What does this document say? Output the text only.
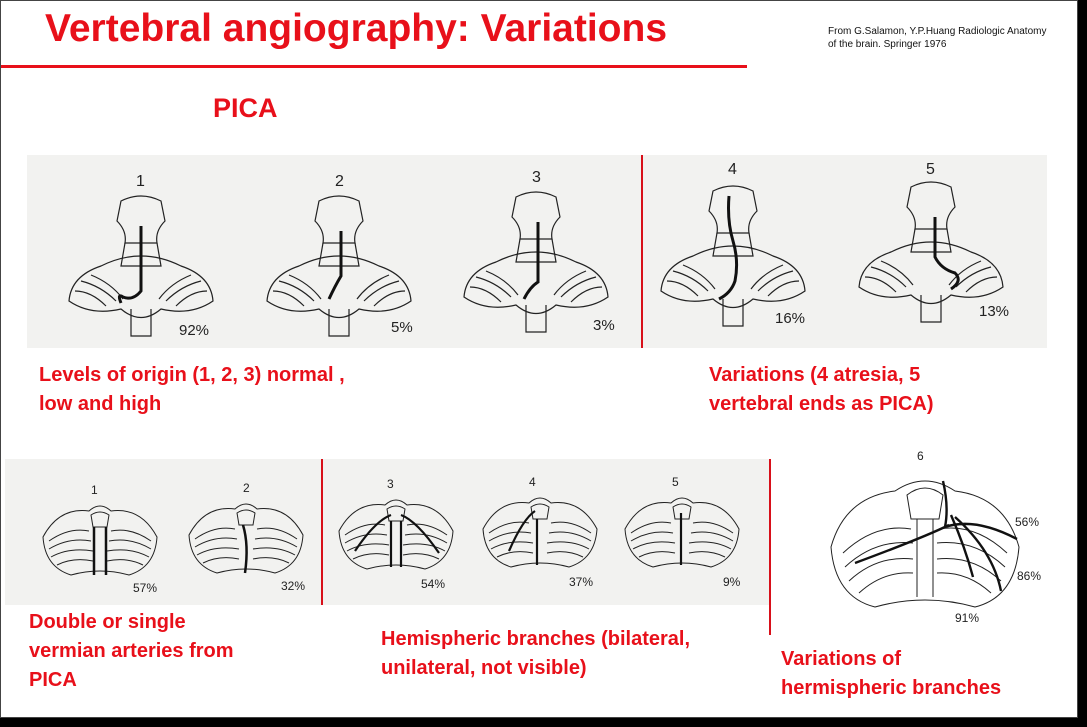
Vertebral angiography: Variations	From G.Salamon, Y.P.Huang Radiologic Anatomy
of the brain. Springer 1976
PICA
1	2	3	4	5
92%	5%	3%	16%	13%
Levels of origin (1, 2, 3) normal ,
low and high
Variations (4 atresia, 5
vertebral ends as PICA)
1	2	3	4	5
57%	32%	54%	37%	9%
6
56%
86%
91%
Double or single
vermian arteries from
PICA
Hemispheric branches (bilateral,
unilateral, not visible)	Variations of
hermispheric branches
